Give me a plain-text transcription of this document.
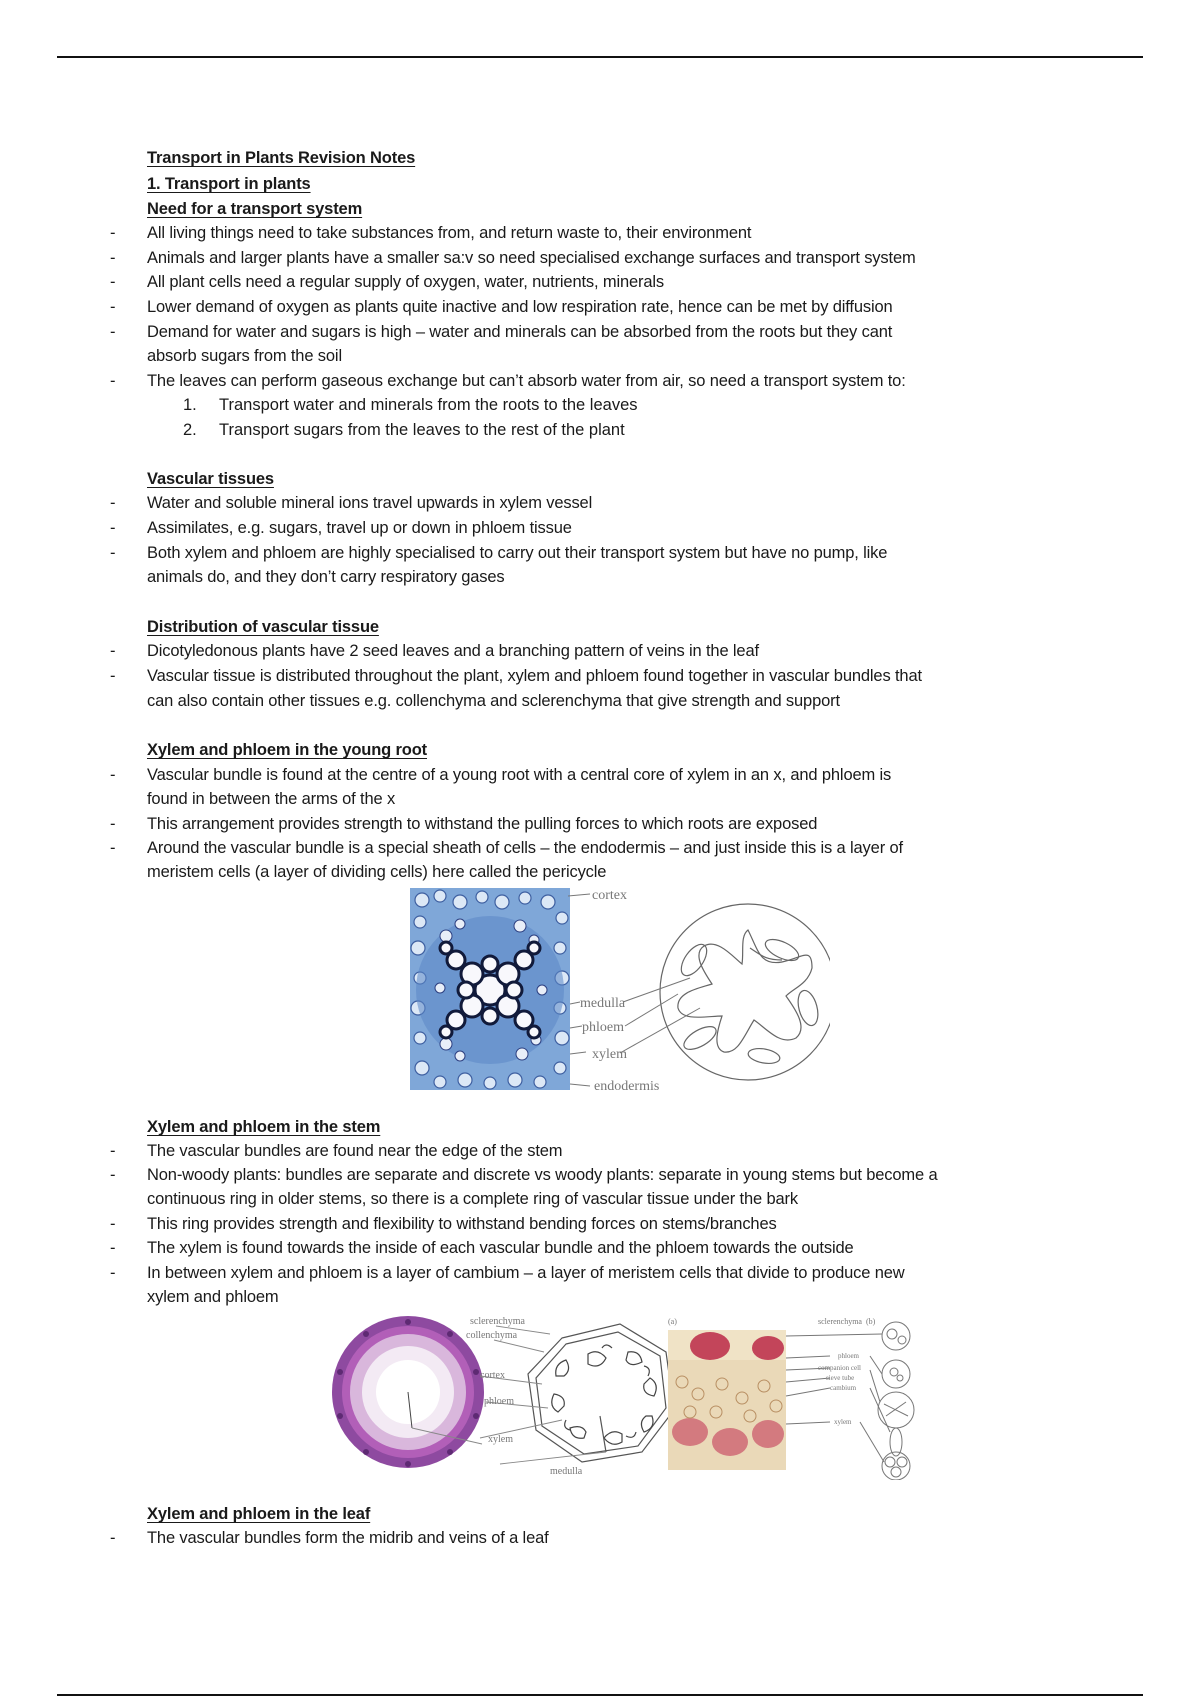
Transport in Plants Revision Notes
1. Transport in plants
Need for a transport system
- All living things need to take substances from, and return waste to, their environment
- Animals and larger plants have a smaller sa:v so need specialised exchange surfaces and transport system
- All plant cells need a regular supply of oxygen, water, nutrients, minerals
- Lower demand of oxygen as plants quite inactive and low respiration rate, hence can be met by diffusion
- Demand for water and sugars is high – water and minerals can be absorbed from the roots but they cant
absorb sugars from the soil
- The leaves can perform gaseous exchange but can’t absorb water from air, so need a transport system to:
1. Transport water and minerals from the roots to the leaves
2. Transport sugars from the leaves to the rest of the plant
Vascular tissues
- Water and soluble mineral ions travel upwards in xylem vessel
- Assimilates, e.g. sugars, travel up or down in phloem tissue
- Both xylem and phloem are highly specialised to carry out their transport system but have no pump, like
animals do, and they don’t carry respiratory gases
Distribution of vascular tissue
- Dicotyledonous plants have 2 seed leaves and a branching pattern of veins in the leaf
- Vascular tissue is distributed throughout the plant, xylem and phloem found together in vascular bundles that
can also contain other tissues e.g. collenchyma and sclerenchyma that give strength and support
Xylem and phloem in the young root
- Vascular bundle is found at the centre of a young root with a central core of xylem in an x, and phloem is
found in between the arms of the x
- This arrangement provides strength to withstand the pulling forces to which roots are exposed
- Around the vascular bundle is a special sheath of cells – the endodermis – and just inside this is a layer of
meristem cells (a layer of dividing cells) here called the pericycle
cortex
medulla
phloem
xylem
endodermis
Xylem and phloem in the stem
- The vascular bundles are found near the edge of the stem
- Non-woody plants: bundles are separate and discrete vs woody plants: separate in young stems but become a
continuous ring in older stems, so there is a complete ring of vascular tissue under the bark
- This ring provides strength and flexibility to withstand bending forces on stems/branches
- The xylem is found towards the inside of each vascular bundle and the phloem towards the outside
- In between xylem and phloem is a layer of cambium – a layer of meristem cells that divide to produce new
xylem and phloem
sclerenchyma
collenchyma
cortex
phloem
xylem
medulla
(a)	sclerenchyma (b)
phloem
companion cell
sieve tube
cambium
xylem
Xylem and phloem in the leaf
- The vascular bundles form the midrib and veins of a leaf
